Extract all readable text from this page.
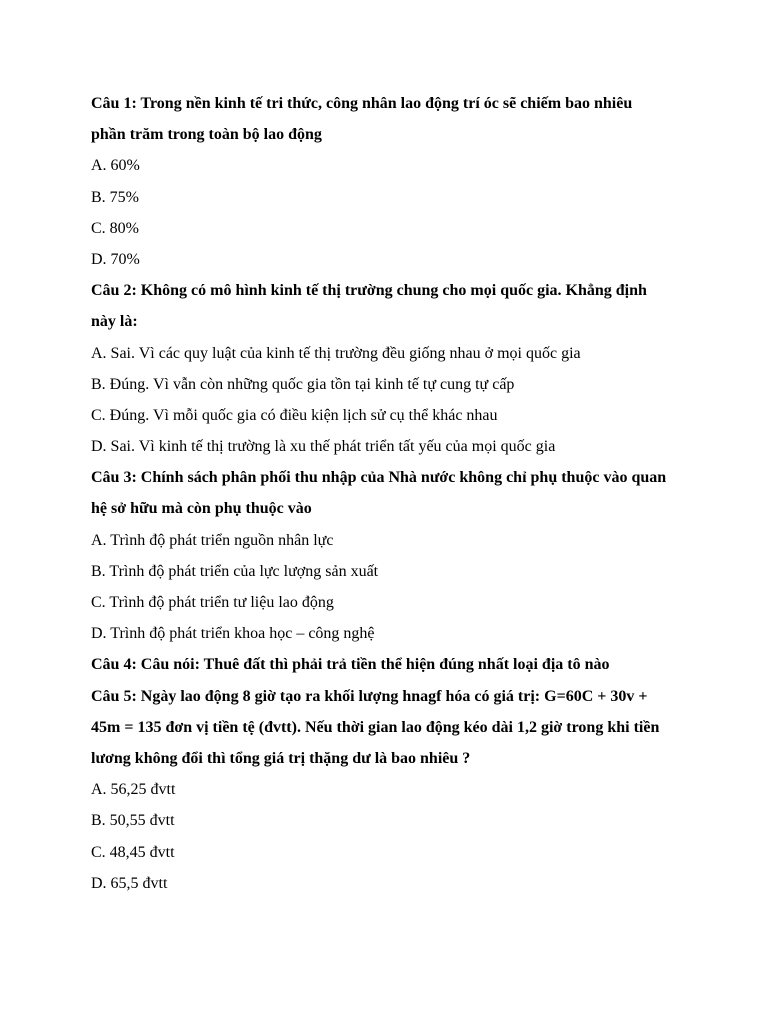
Câu 1: Trong nền kinh tế tri thức, công nhân lao động trí óc sẽ chiếm bao nhiêu
phần trăm trong toàn bộ lao động
A. 60%
B. 75%
C. 80%
D. 70%
Câu 2: Không có mô hình kinh tế thị trường chung cho mọi quốc gia. Khẳng định
này là:
A. Sai. Vì các quy luật của kinh tế thị trường đều giống nhau ở mọi quốc gia
B. Đúng. Vì vẫn còn những quốc gia tồn tại kinh tế tự cung tự cấp
C. Đúng. Vì mỗi quốc gia có điều kiện lịch sử cụ thể khác nhau
D. Sai. Vì kinh tế thị trường là xu thế phát triển tất yếu của mọi quốc gia
Câu 3: Chính sách phân phối thu nhập của Nhà nước không chỉ phụ thuộc vào quan
hệ sở hữu mà còn phụ thuộc vào
A. Trình độ phát triển nguồn nhân lực
B. Trình độ phát triển của lực lượng sản xuất
C. Trình độ phát triển tư liệu lao động
D. Trình độ phát triển khoa học – công nghệ
Câu 4: Câu nói: Thuê đất thì phải trả tiền thể hiện đúng nhất loại địa tô nào
Câu 5: Ngày lao động 8 giờ tạo ra khối lượng hnagf hóa có giá trị: G=60C + 30v +
45m = 135 đơn vị tiền tệ (đvtt). Nếu thời gian lao động kéo dài 1,2 giờ trong khi tiền
lương không đổi thì tổng giá trị thặng dư là bao nhiêu ?
A. 56,25 đvtt
B. 50,55 đvtt
C. 48,45 đvtt
D. 65,5 đvtt
